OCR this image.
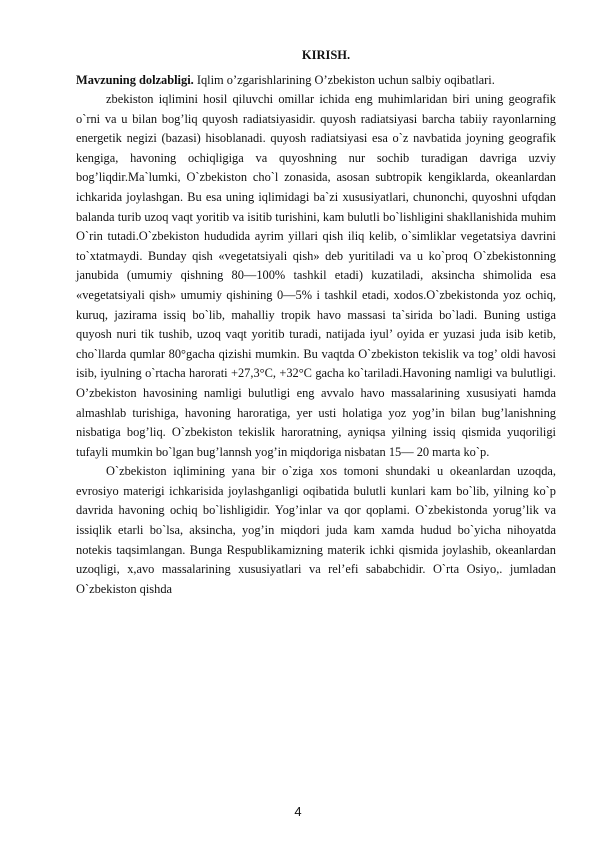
KIRISH.

Mavzuning dolzabligi. Iqlim o’zgarishlarining O’zbekiston uchun salbiy oqibatlari.

zbekiston iqlimini hosil qiluvchi omillar ichida eng muhimlaridan biri uning geografik o`rni va u bilan bog’liq quyosh radiatsiyasidir. quyosh radiatsiyasi barcha tabiiy rayonlarning energetik negizi (bazasi) hisoblanadi. quyosh radiatsiyasi esa o`z navbatida joyning geografik kengiga, havoning ochiqligiga va quyoshning nur sochib turadigan davriga uzviy bog’liqdir.Ma`lumki, O`zbekiston cho`l zonasida, asosan subtropik kengiklarda, okeanlardan ichkarida joylashgan. Bu esa uning iqlimidagi ba`zi xususiyatlari, chunonchi, quyoshni ufqdan balanda turib uzoq vaqt yoritib va isitib turishini, kam bulutli bo`lishligini shakllanishida muhim O`rin tutadi.O`zbekiston hududida ayrim yillari qish iliq kelib, o`simliklar vegetatsiya davrini to`xtatmaydi. Bunday qish «vegetatsiyali qish» deb yuritiladi va u ko`proq O`zbekistonning janubida (umumiy qishning 80—100% tashkil etadi) kuzatiladi, aksincha shimolida esa «vegetatsiyali qish» umumiy qishining 0—5% i tashkil etadi, xodos.O`zbekistonda yoz ochiq, kuruq, jazirama issiq bo`lib, mahalliy tropik havo massasi ta`sirida bo`ladi. Buning ustiga quyosh nuri tik tushib, uzoq vaqt yoritib turadi, natijada iyul’ oyida er yuzasi juda isib ketib, cho`llarda qumlar 80°gacha qizishi mumkin. Bu vaqtda O`zbekiston tekislik va tog’ oldi havosi isib, iyulning o`rtacha harorati +27,3°C, +32°C gacha ko`tariladi.Havoning namligi va bulutligi. O’zbekiston havosining namligi bulutligi eng avvalo havo massalarining xususiyati hamda almashlab turishiga, havoning haroratiga, yer usti holatiga yoz yog’in bilan bug’lanishning nisbatiga bog’liq. O`zbekiston tekislik haroratning, ayniqsa yilning issiq qismida yuqoriligi tufayli mumkin bo`lgan bug’lannsh yog’in miqdoriga nisbatan 15— 20 marta ko`p.

O`zbekiston iqlimining yana bir o`ziga xos tomoni shundaki u okeanlardan uzoqda, evrosiyo materigi ichkarisida joylashganligi oqibatida bulutli kunlari kam bo`lib, yilning ko`p davrida havoning ochiq bo`lishligidir. Yog’inlar va qor qoplami. O`zbekistonda yorug’lik va issiqlik etarli bo`lsa, aksincha, yog’in miqdori juda kam xamda hudud bo`yicha nihoyatda notekis taqsimlangan. Bunga Respublikamizning materik ichki qismida joylashib, okeanlardan uzoqligi, x,avo massalarining xususiyatlari va rel’efi sababchidir. O`rta Osiyo,. jumladan O`zbekiston qishda

4
